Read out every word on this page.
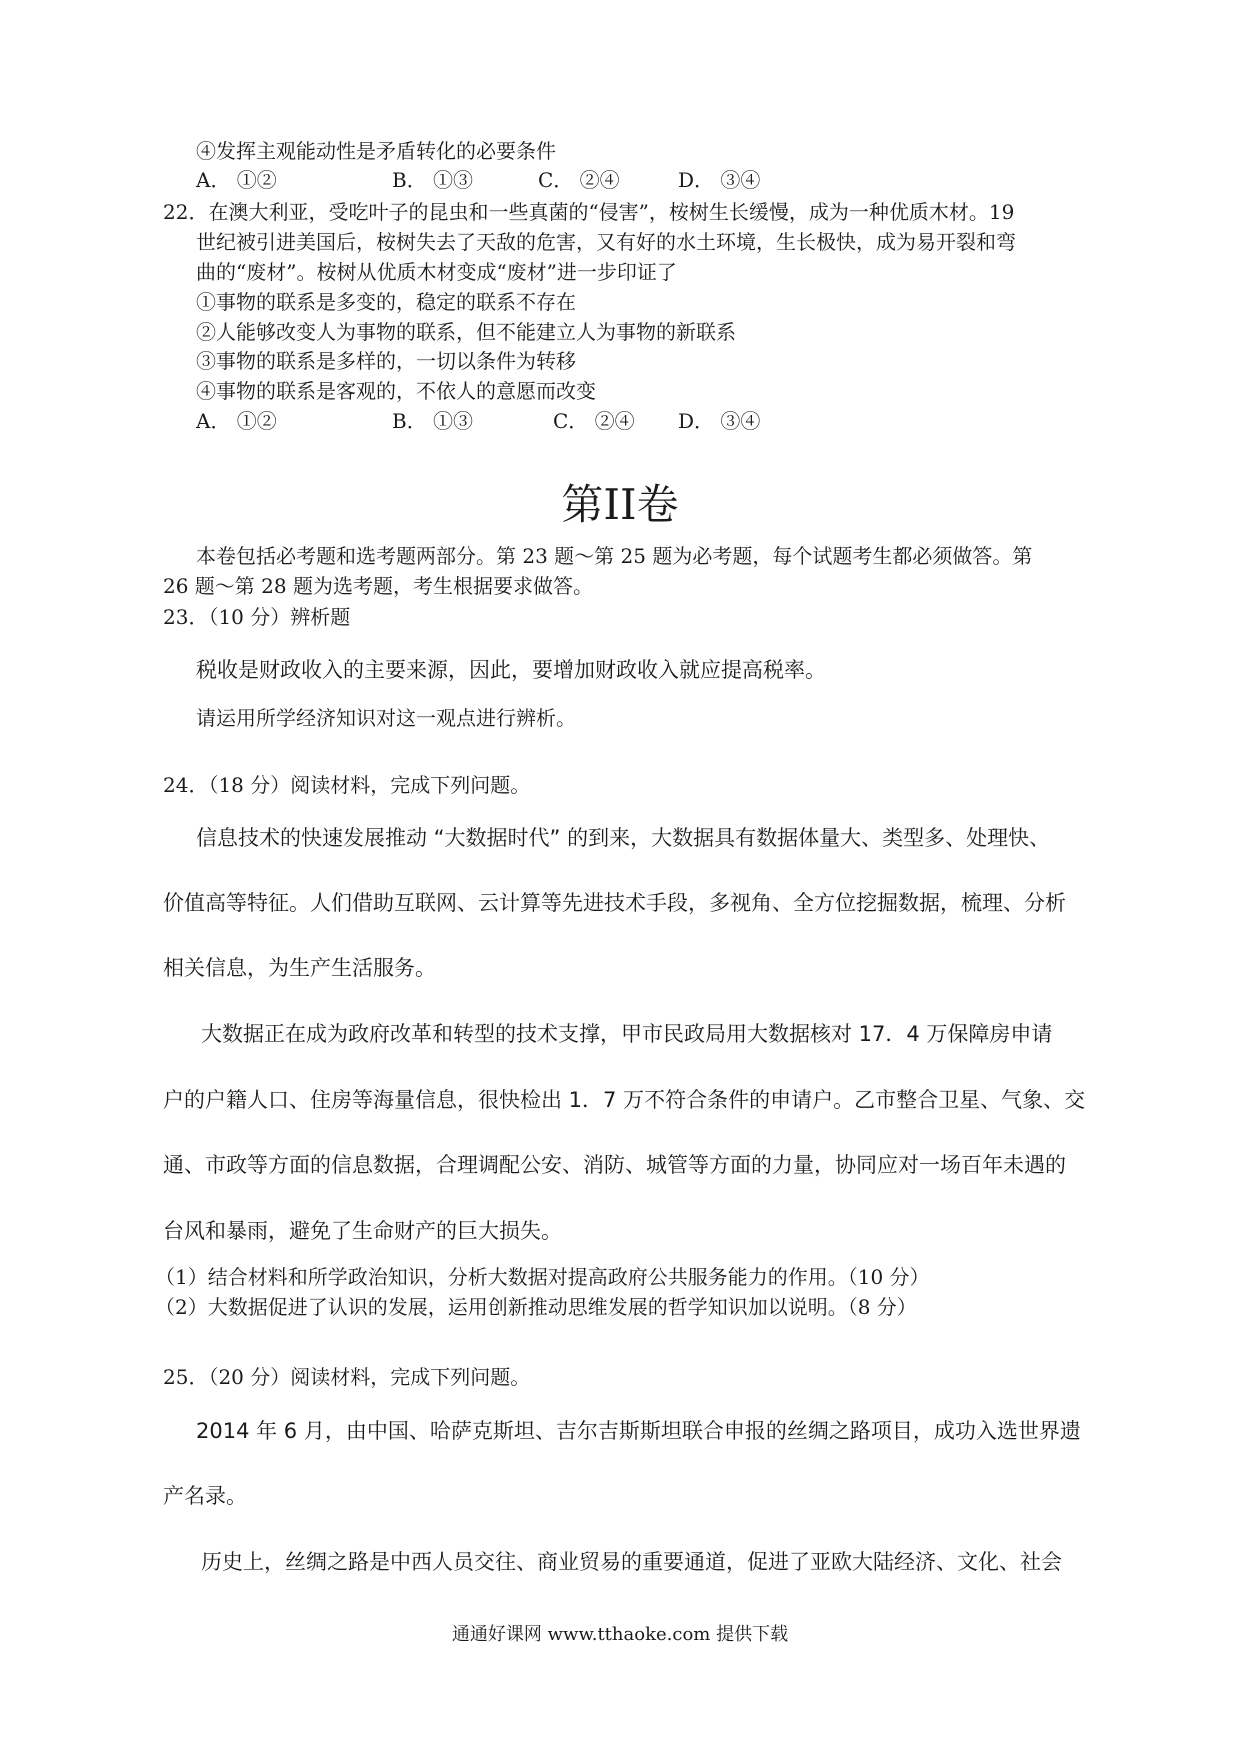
④发挥主观能动性是矛盾转化的必要条件
A． ①②	B． ①③	C． ②④	D． ③④
22．在澳大利亚，受吃叶子的昆虫和一些真菌的“侵害”，桉树生长缓慢，成为一种优质木材。19
世纪被引进美国后，桉树失去了天敌的危害，又有好的水土环境，生长极快，成为易开裂和弯
曲的“废材”。桉树从优质木材变成“废材”进一步印证了
①事物的联系是多变的，稳定的联系不存在
②人能够改变人为事物的联系，但不能建立人为事物的新联系
③事物的联系是多样的，一切以条件为转移
④事物的联系是客观的，不依人的意愿而改变
A． ①②	B． ①③	C． ②④ D． ③④
第II卷
本卷包括必考题和选考题两部分。第 23 题～第 25 题为必考题，每个试题考生都必须做答。第
26 题～第 28 题为选考题，考生根据要求做答。
23．（10 分）辨析题
税收是财政收入的主要来源，因此，要增加财政收入就应提高税率。
请运用所学经济知识对这一观点进行辨析。
24．（18 分）阅读材料，完成下列问题。
信息技术的快速发展推动 “大数据时代” 的到来，大数据具有数据体量大、类型多、处理快、
价值高等特征。人们借助互联网、云计算等先进技术手段，多视角、全方位挖掘数据，梳理、分析
相关信息，为生产生活服务。
大数据正在成为政府改革和转型的技术支撑，甲市民政局用大数据核对 17．4 万保障房申请
户的户籍人口、住房等海量信息，很快检出 1．7 万不符合条件的申请户。乙市整合卫星、气象、交
通、市政等方面的信息数据，合理调配公安、消防、城管等方面的力量，协同应对一场百年未遇的
台风和暴雨，避免了生命财产的巨大损失。
（1）结合材料和所学政治知识，分析大数据对提高政府公共服务能力的作用。（10 分）
（2）大数据促进了认识的发展，运用创新推动思维发展的哲学知识加以说明。（8 分）
25．（20 分）阅读材料，完成下列问题。
2014 年 6 月，由中国、哈萨克斯坦、吉尔吉斯斯坦联合申报的丝绸之路项目，成功入选世界遗
产名录。
历史上，丝绸之路是中西人员交往、商业贸易的重要通道，促进了亚欧大陆经济、文化、社会
通通好课网 www.tthaoke.com 提供下载
